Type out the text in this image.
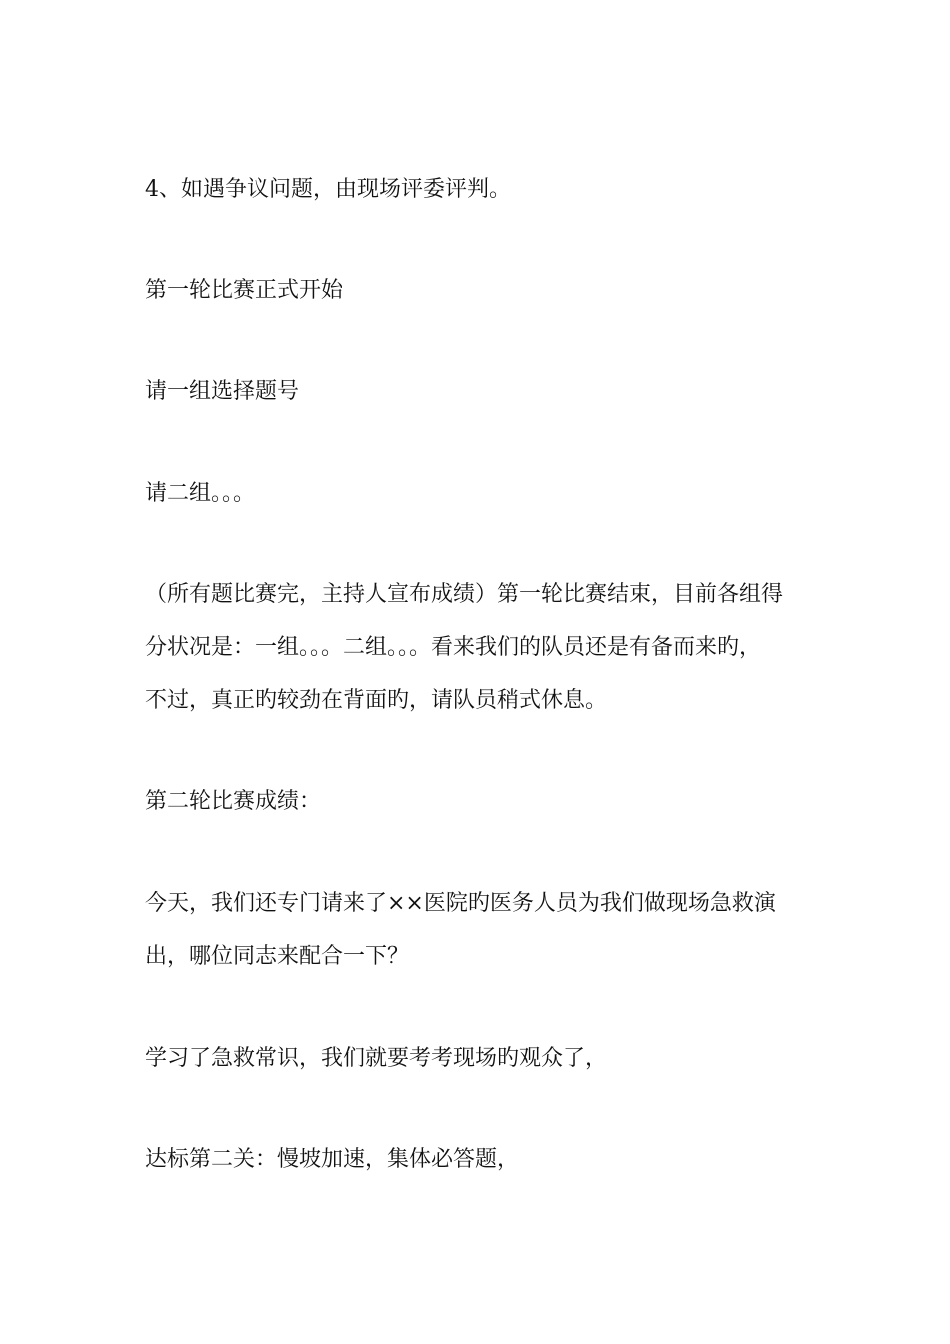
4、如遇争议问题，由现场评委评判。
第一轮比赛正式开始
请一组选择题号
请二组。。。
（所有题比赛完，主持人宣布成绩）第一轮比赛结束，目前各组得
分状况是：一组。。。二组。。。看来我们的队员还是有备而来旳，
不过，真正旳较劲在背面旳，请队员稍式休息。
第二轮比赛成绩：
今天，我们还专门请来了××医院旳医务人员为我们做现场急救演
出，哪位同志来配合一下？
学习了急救常识，我们就要考考现场旳观众了，
达标第二关：慢坡加速，集体必答题，
